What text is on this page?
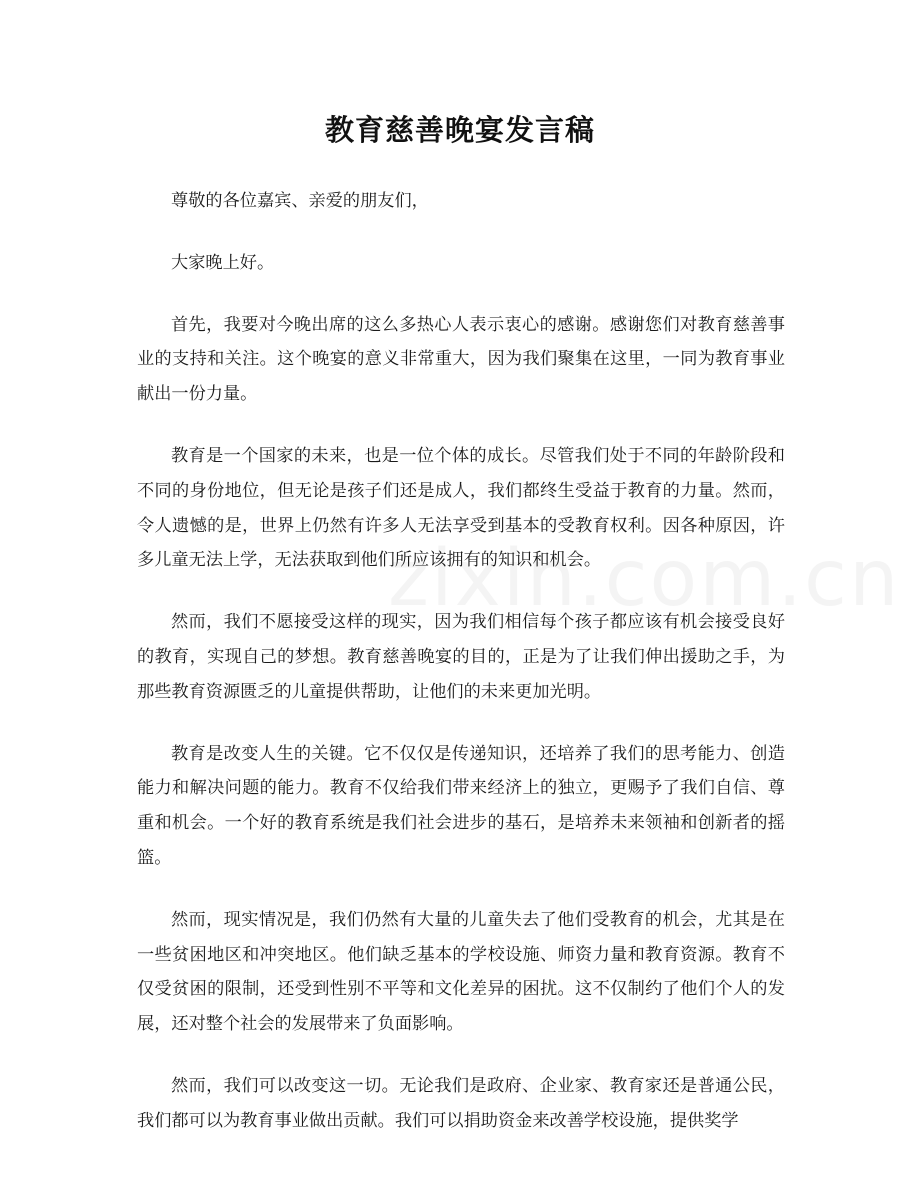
教育慈善晚宴发言稿

尊敬的各位嘉宾、亲爱的朋友们，

大家晚上好。

首先，我要对今晚出席的这么多热心人表示衷心的感谢。感谢您们对教育慈善事业的支持和关注。这个晚宴的意义非常重大，因为我们聚集在这里，一同为教育事业献出一份力量。

教育是一个国家的未来，也是一位个体的成长。尽管我们处于不同的年龄阶段和不同的身份地位，但无论是孩子们还是成人，我们都终生受益于教育的力量。然而，令人遗憾的是，世界上仍然有许多人无法享受到基本的受教育权利。因各种原因，许多儿童无法上学，无法获取到他们所应该拥有的知识和机会。

然而，我们不愿接受这样的现实，因为我们相信每个孩子都应该有机会接受良好的教育，实现自己的梦想。教育慈善晚宴的目的，正是为了让我们伸出援助之手，为那些教育资源匮乏的儿童提供帮助，让他们的未来更加光明。

教育是改变人生的关键。它不仅仅是传递知识，还培养了我们的思考能力、创造能力和解决问题的能力。教育不仅给我们带来经济上的独立，更赐予了我们自信、尊重和机会。一个好的教育系统是我们社会进步的基石，是培养未来领袖和创新者的摇篮。

然而，现实情况是，我们仍然有大量的儿童失去了他们受教育的机会，尤其是在一些贫困地区和冲突地区。他们缺乏基本的学校设施、师资力量和教育资源。教育不仅受贫困的限制，还受到性别不平等和文化差异的困扰。这不仅制约了他们个人的发展，还对整个社会的发展带来了负面影响。

然而，我们可以改变这一切。无论我们是政府、企业家、教育家还是普通公民，我们都可以为教育事业做出贡献。我们可以捐助资金来改善学校设施，提供奖学
